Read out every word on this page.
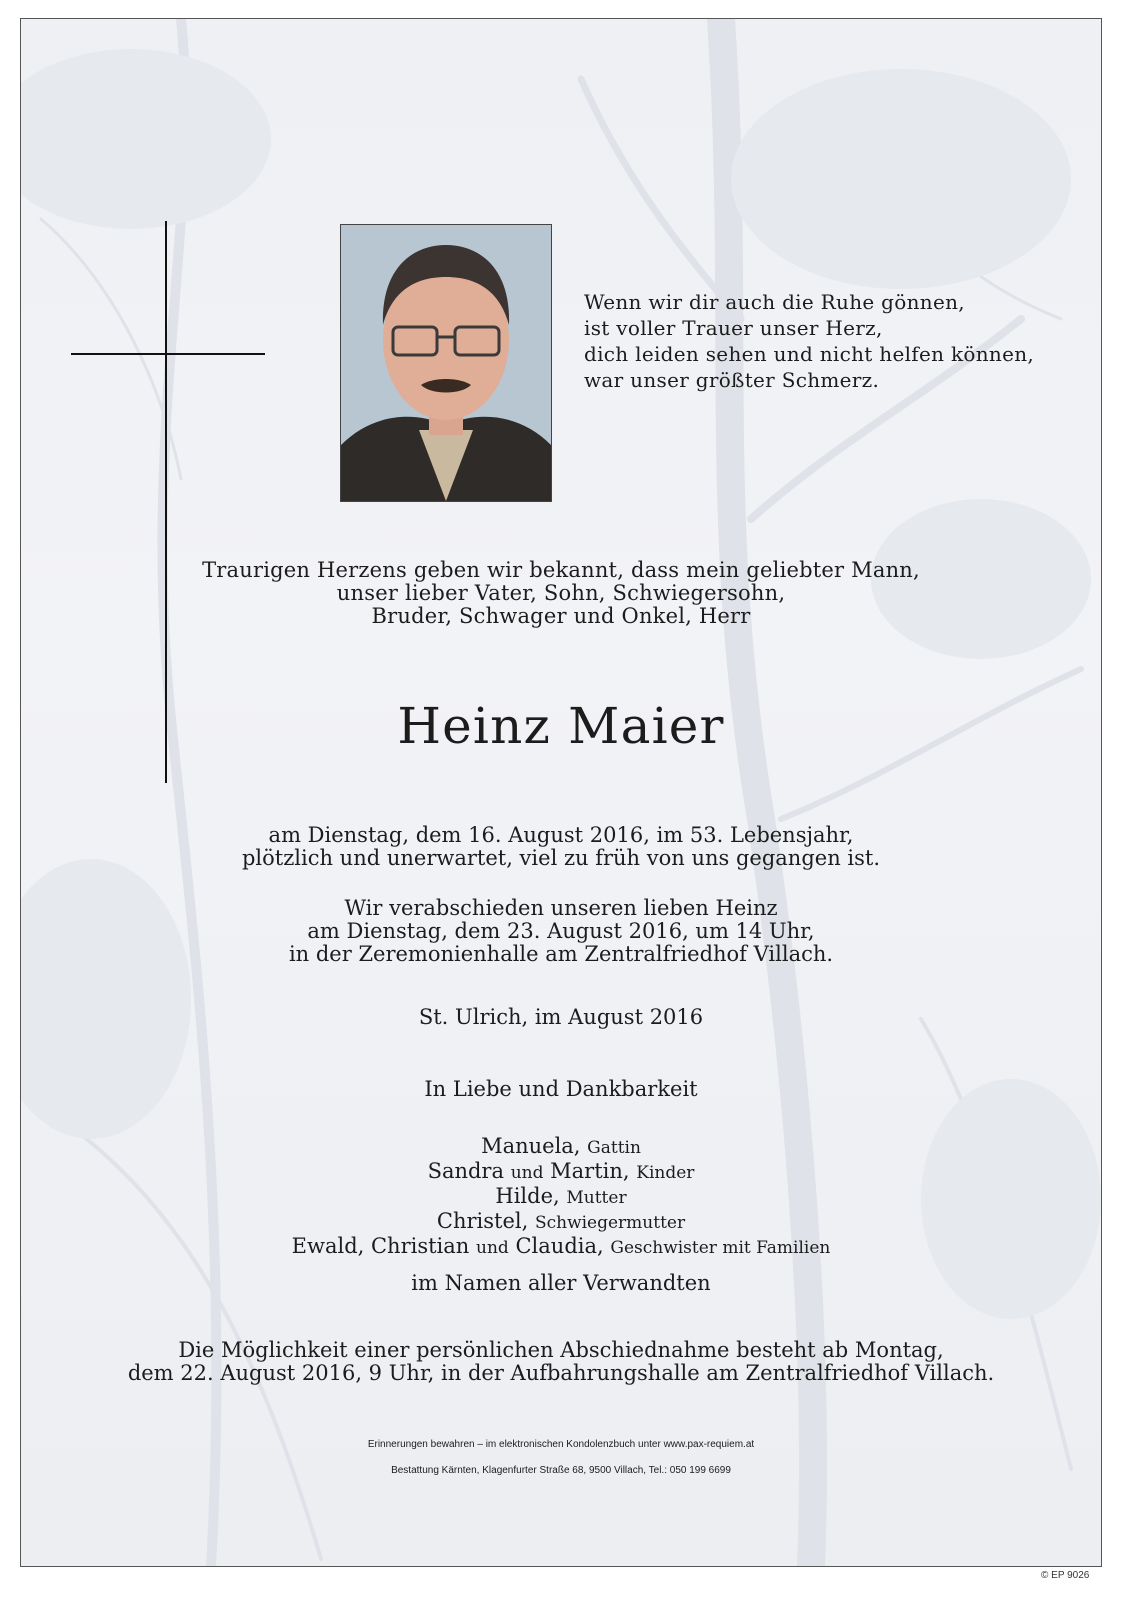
Wenn wir dir auch die Ruhe gönnen,
ist voller Trauer unser Herz,
dich leiden sehen und nicht helfen können,
war unser größter Schmerz.
Traurigen Herzens geben wir bekannt, dass mein geliebter Mann,
unser lieber Vater, Sohn, Schwiegersohn,
Bruder, Schwager und Onkel, Herr
Heinz Maier
am Dienstag, dem 16. August 2016, im 53. Lebensjahr,
plötzlich und unerwartet, viel zu früh von uns gegangen ist.
Wir verabschieden unseren lieben Heinz
am Dienstag, dem 23. August 2016, um 14 Uhr,
in der Zeremonienhalle am Zentralfriedhof Villach.
St. Ulrich, im August 2016
In Liebe und Dankbarkeit
Manuela, Gattin
Sandra und Martin, Kinder
Hilde, Mutter
Christel, Schwiegermutter
Ewald, Christian und Claudia, Geschwister mit Familien
im Namen aller Verwandten
Die Möglichkeit einer persönlichen Abschiednahme besteht ab Montag,
dem 22. August 2016, 9 Uhr, in der Aufbahrungshalle am Zentralfriedhof Villach.
Erinnerungen bewahren – im elektronischen Kondolenzbuch unter www.pax-requiem.at
Bestattung Kärnten, Klagenfurter Straße 68, 9500 Villach, Tel.: 050 199 6699
© EP 9026
